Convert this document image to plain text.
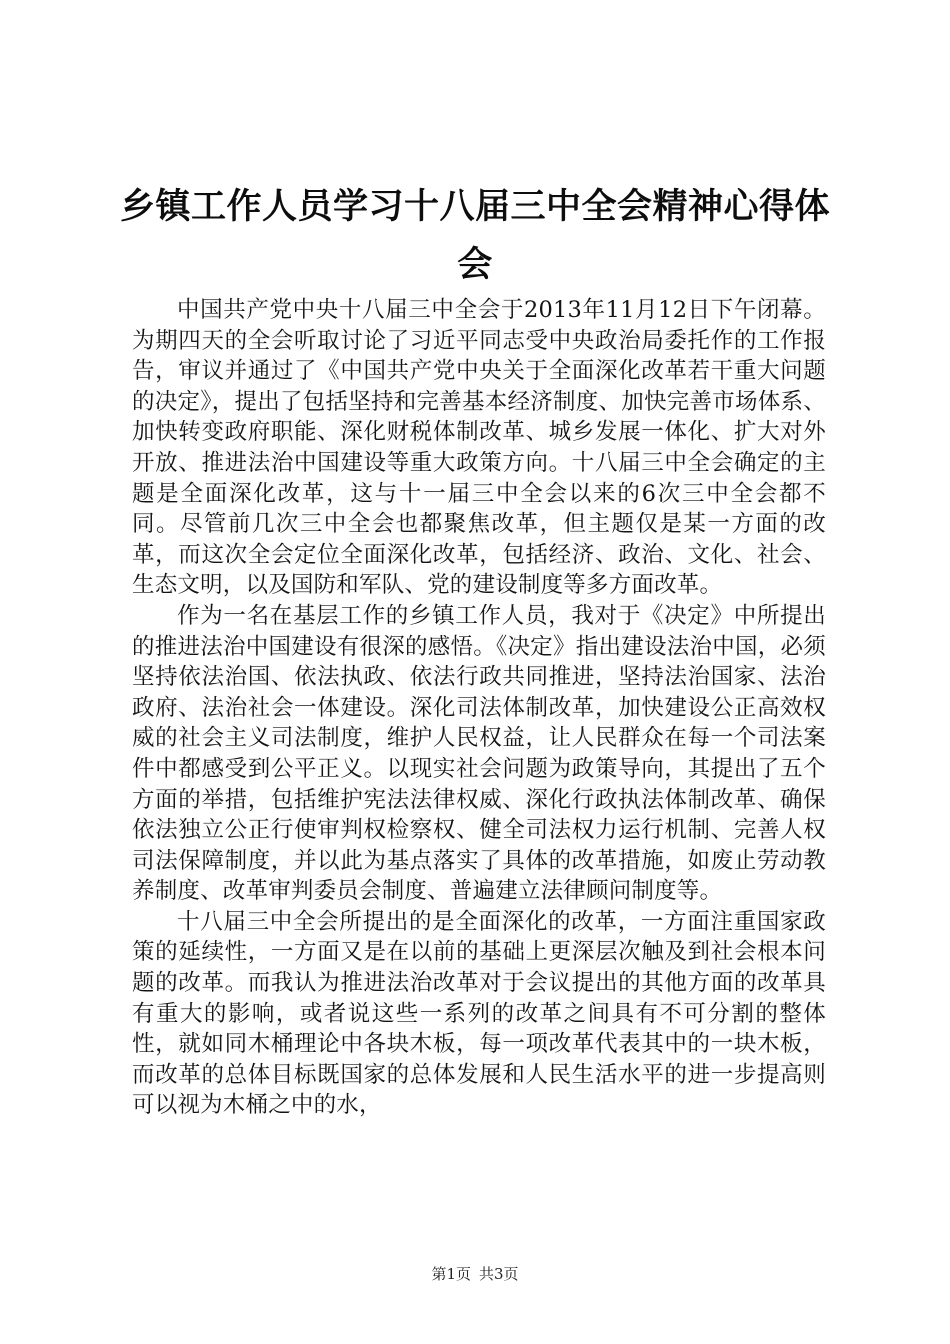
乡镇工作人员学习十八届三中全会精神心得体会

中国共产党中央十八届三中全会于2013年11月12日下午闭幕。为期四天的全会听取讨论了习近平同志受中央政治局委托作的工作报告，审议并通过了《中国共产党中央关于全面深化改革若干重大问题的决定》，提出了包括坚持和完善基本经济制度、加快完善市场体系、加快转变政府职能、深化财税体制改革、城乡发展一体化、扩大对外开放、推进法治中国建设等重大政策方向。十八届三中全会确定的主题是全面深化改革，这与十一届三中全会以来的6次三中全会都不同。尽管前几次三中全会也都聚焦改革，但主题仅是某一方面的改革，而这次全会定位全面深化改革，包括经济、政治、文化、社会、生态文明，以及国防和军队、党的建设制度等多方面改革。

作为一名在基层工作的乡镇工作人员，我对于《决定》中所提出的推进法治中国建设有很深的感悟。《决定》指出建设法治中国，必须坚持依法治国、依法执政、依法行政共同推进，坚持法治国家、法治政府、法治社会一体建设。深化司法体制改革，加快建设公正高效权威的社会主义司法制度，维护人民权益，让人民群众在每一个司法案件中都感受到公平正义。以现实社会问题为政策导向，其提出了五个方面的举措，包括维护宪法法律权威、深化行政执法体制改革、确保依法独立公正行使审判权检察权、健全司法权力运行机制、完善人权司法保障制度，并以此为基点落实了具体的改革措施，如废止劳动教养制度、改革审判委员会制度、普遍建立法律顾问制度等。

十八届三中全会所提出的是全面深化的改革，一方面注重国家政策的延续性，一方面又是在以前的基础上更深层次触及到社会根本问题的改革。而我认为推进法治改革对于会议提出的其他方面的改革具有重大的影响，或者说这些一系列的改革之间具有不可分割的整体性，就如同木桶理论中各块木板，每一项改革代表其中的一块木板，而改革的总体目标既国家的总体发展和人民生活水平的进一步提高则可以视为木桶之中的水，

第1页 共3页
